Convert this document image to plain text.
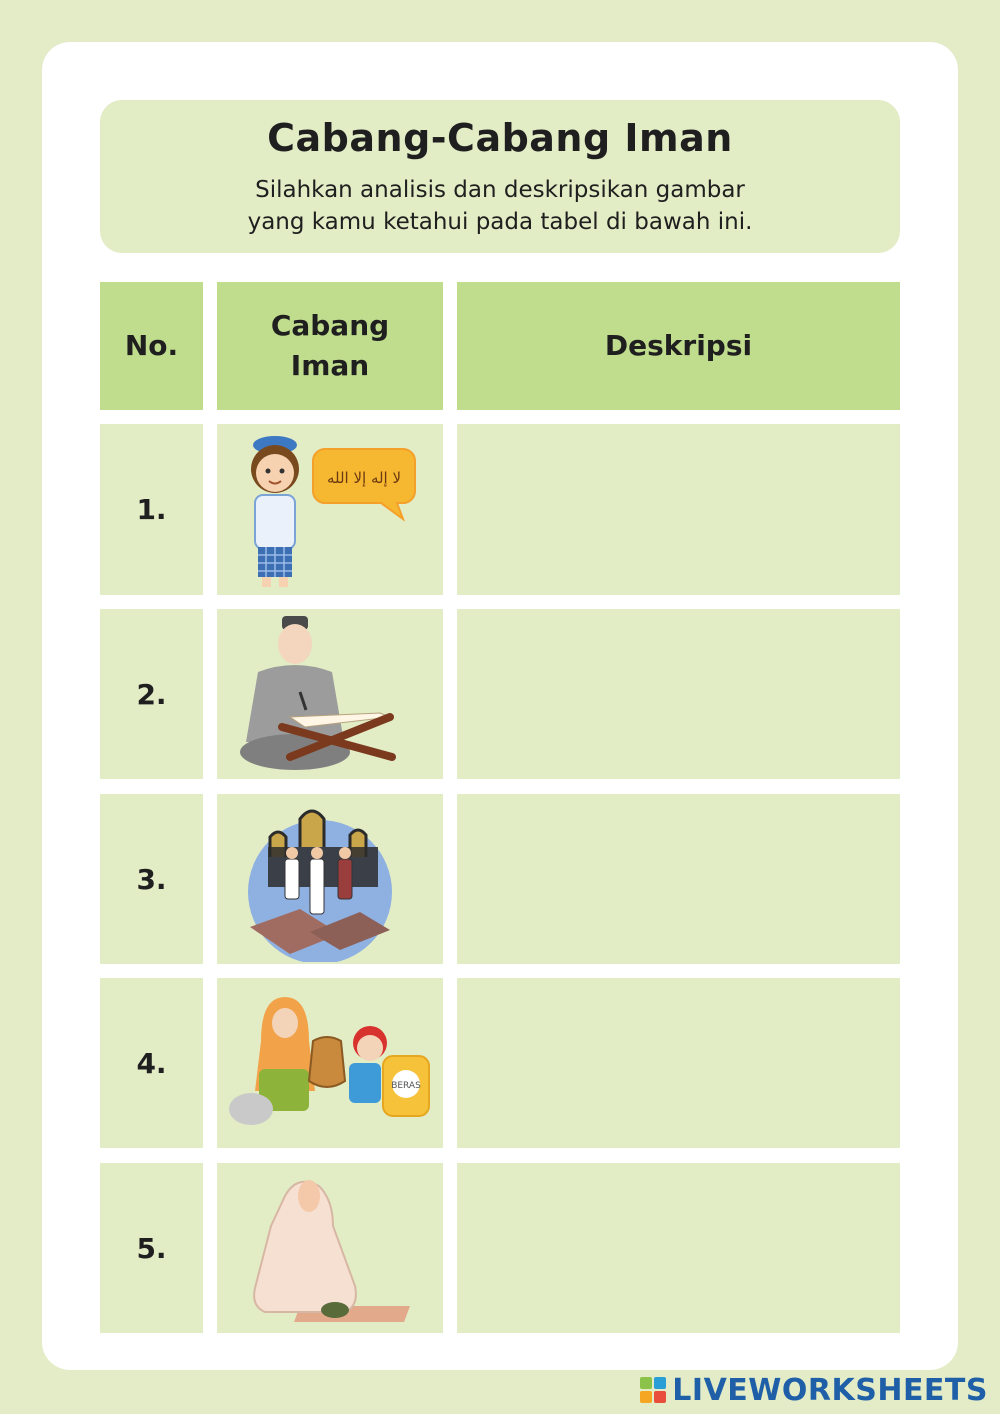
Cabang-Cabang Iman
Silahkan analisis dan deskripsikan gambar
yang kamu ketahui pada tabel di bawah ini.
No.
Cabang
Iman
Deskripsi
1.
لا إله إلا الله
2.
3.
4.
BERAS
5.
LIVEWORKSHEETS
